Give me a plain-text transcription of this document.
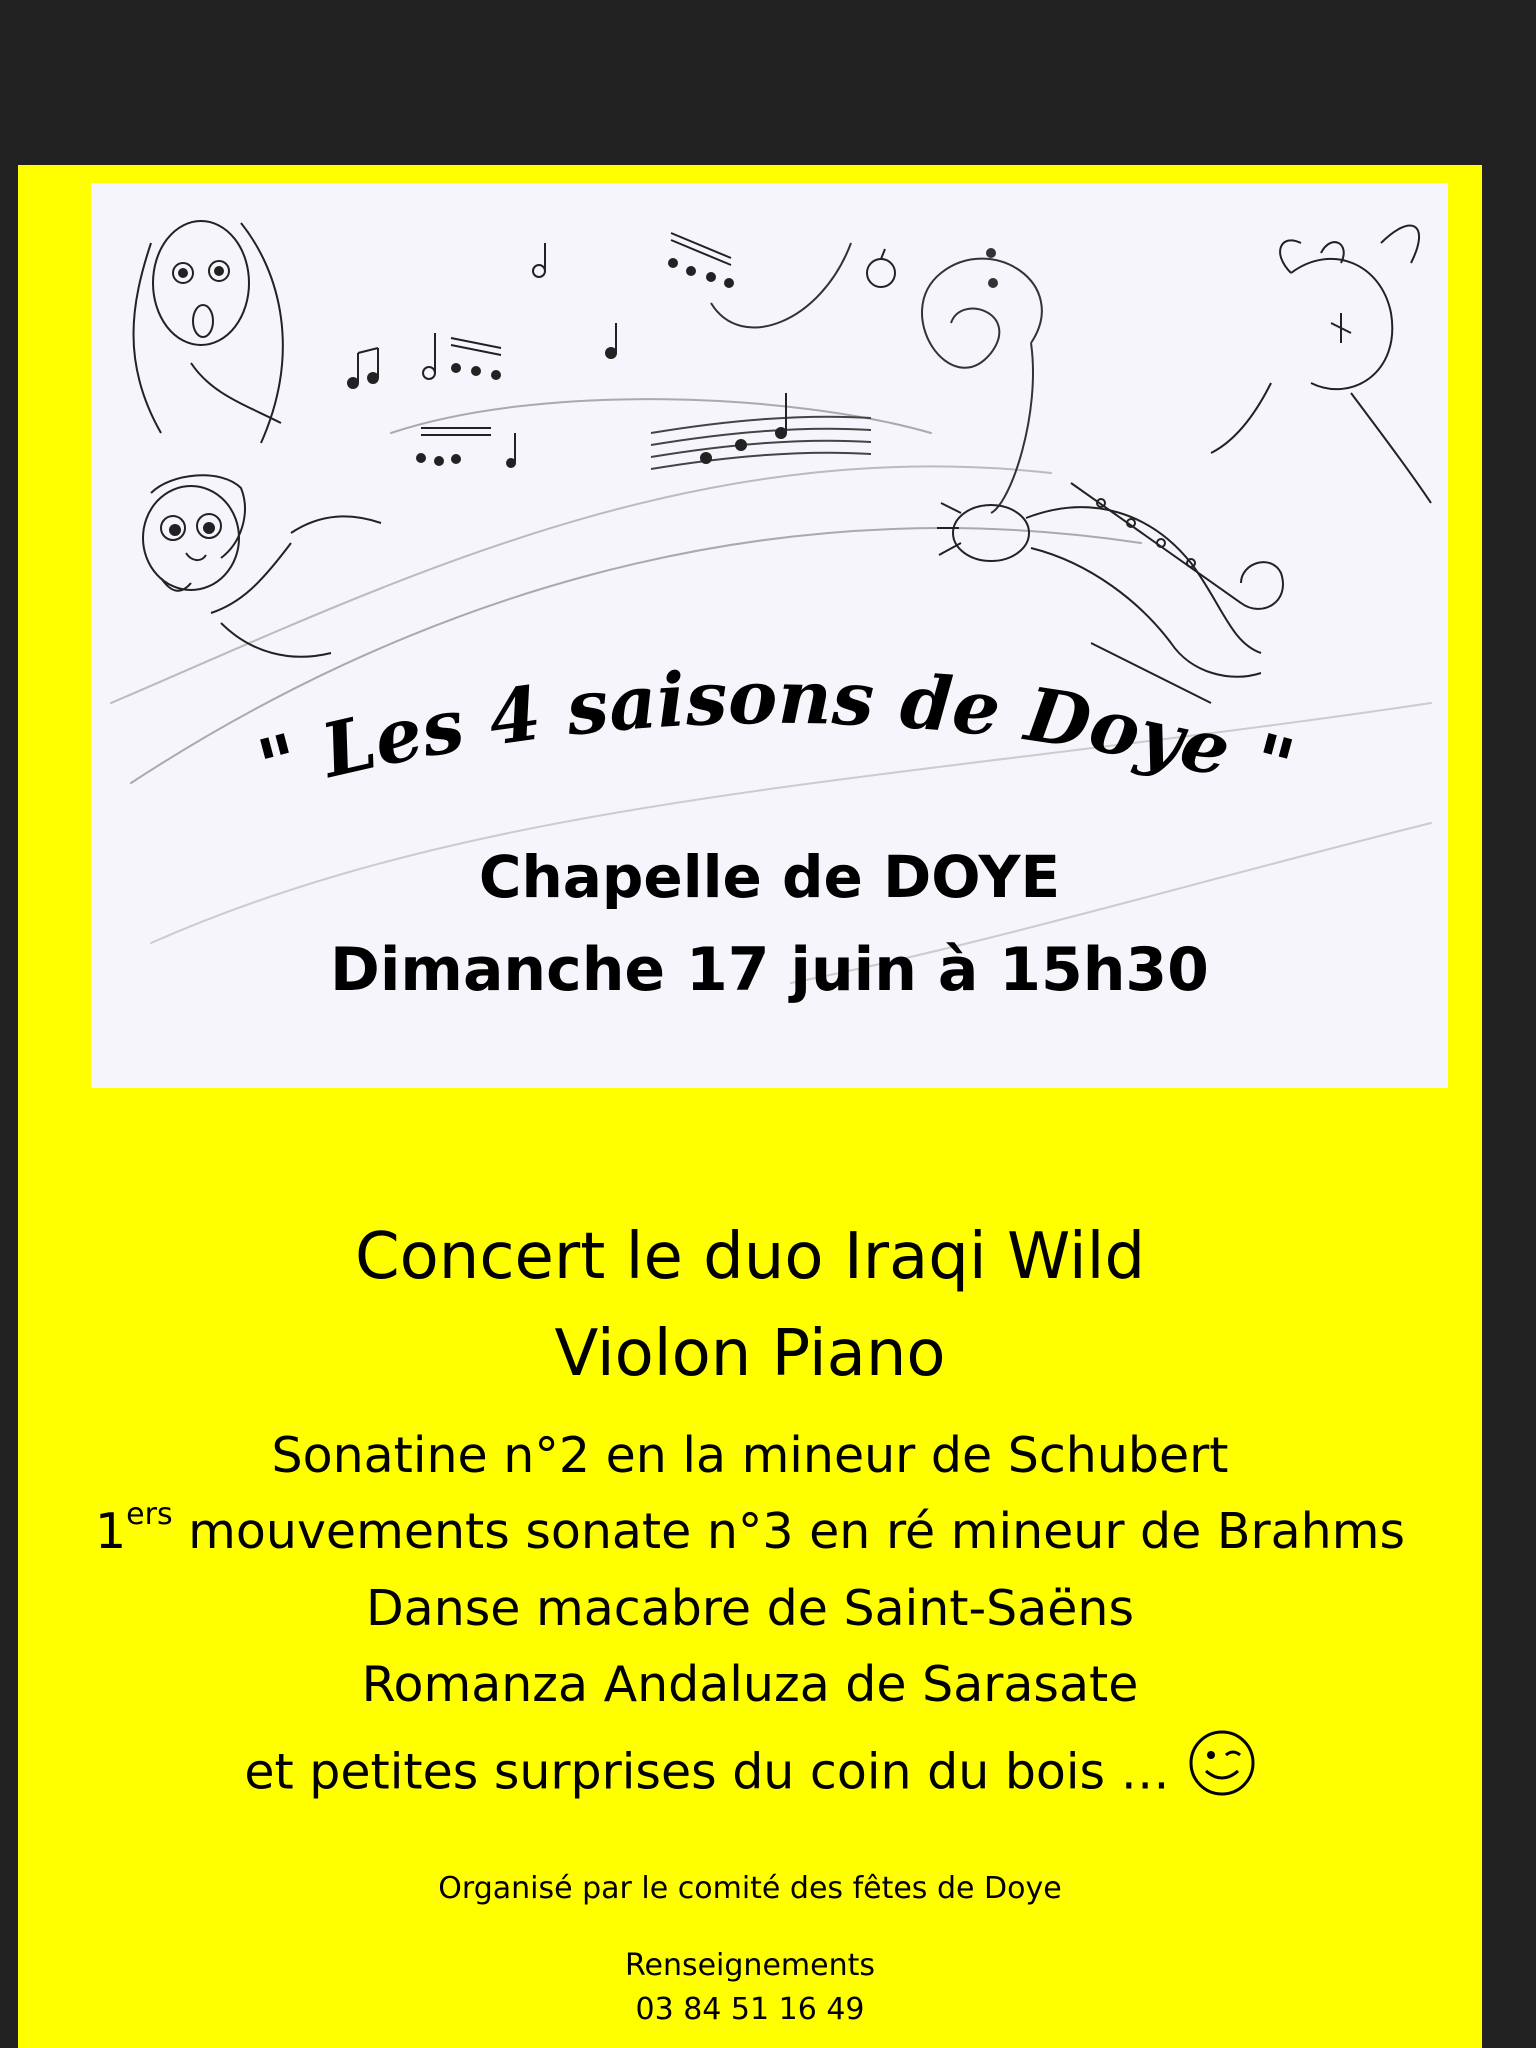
" Les 4 saisons de Doye "
Chapelle de DOYE
Dimanche 17 juin à 15h30
Concert le duo Iraqi Wild
Violon Piano
Sonatine n°2 en la mineur de Schubert
1ers mouvements sonate n°3 en ré mineur de Brahms
Danse macabre de Saint-Saëns
Romanza Andaluza de Sarasate
et petites surprises du coin du bois …
Organisé par le comité des fêtes de Doye
Renseignements
03 84 51 16 49
